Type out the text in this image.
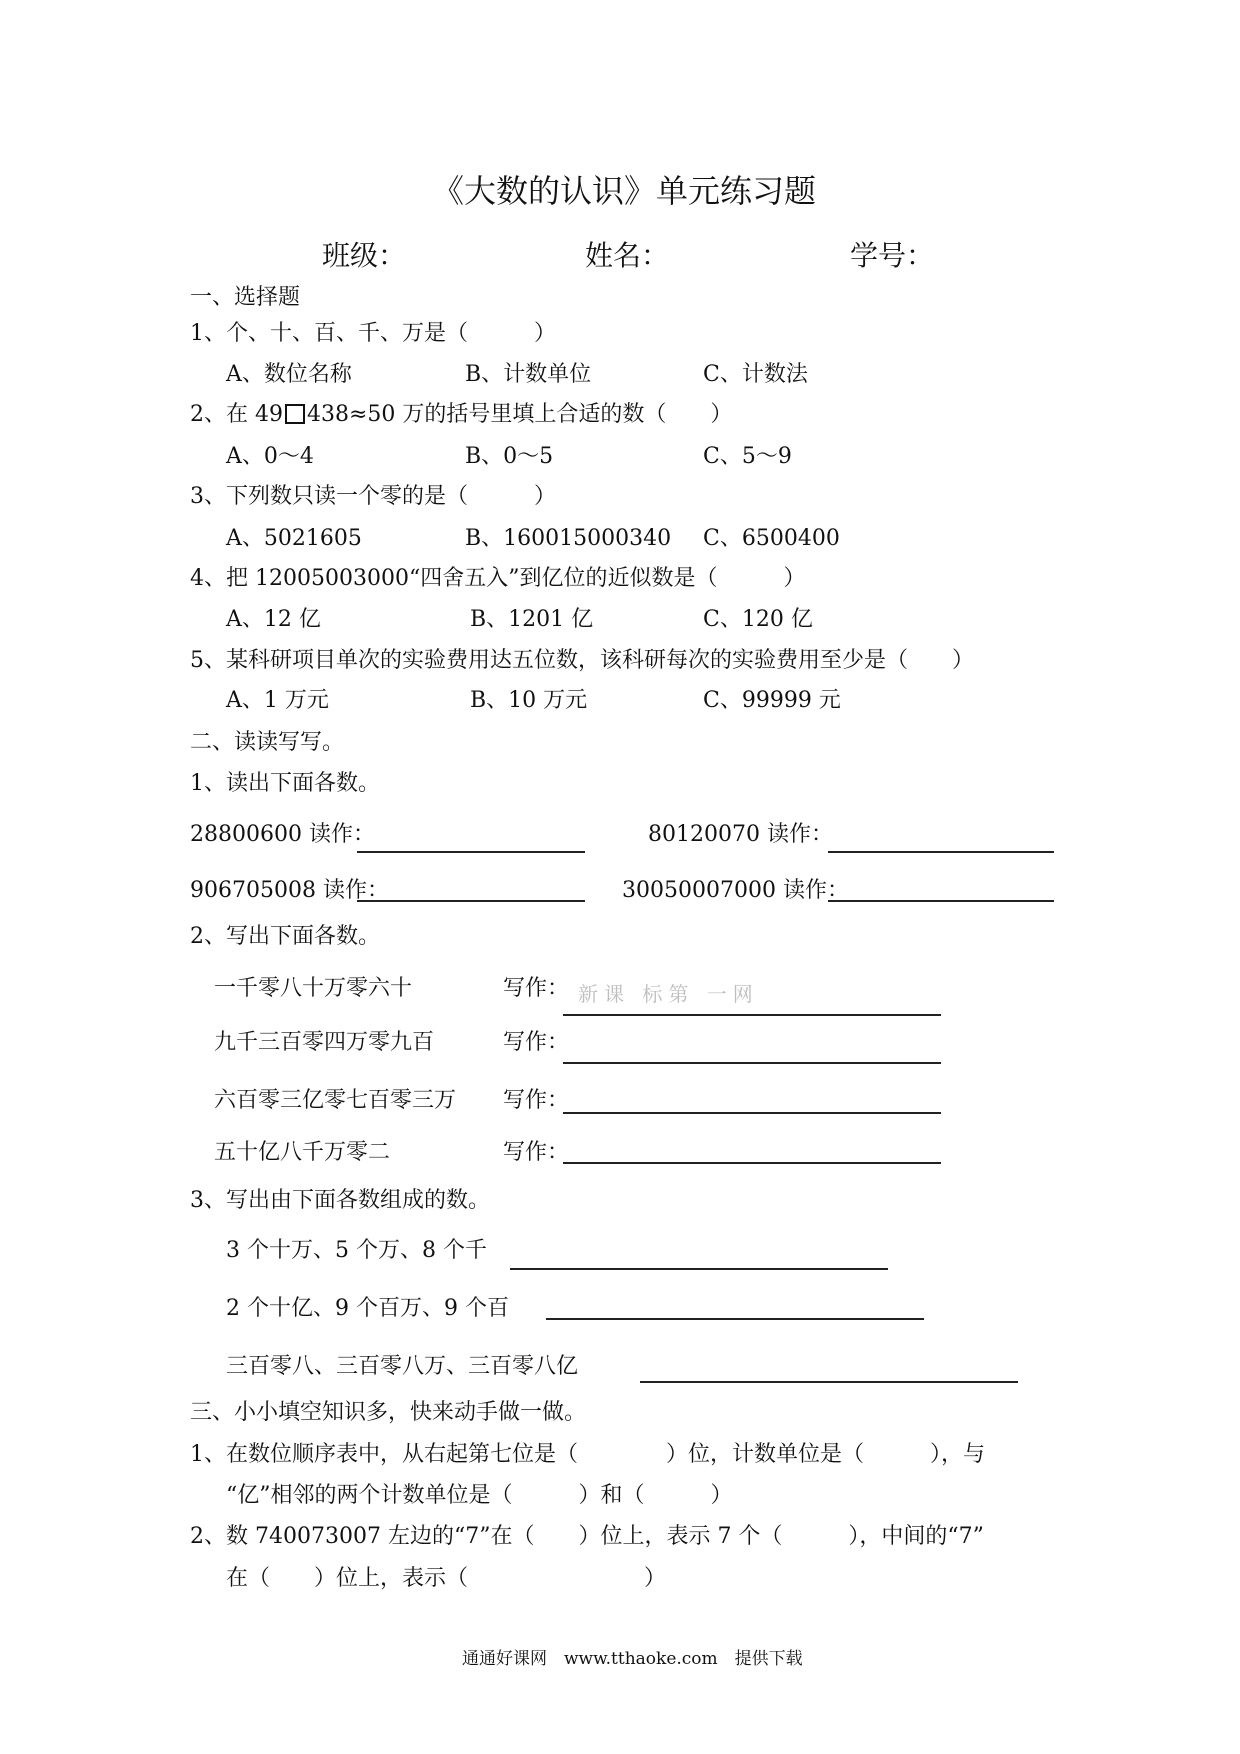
《大数的认识》单元练习题
班级：	姓名：	学号：
一、选择题
1、个、十、百、千、万是（　　　）
A、数位名称	B、计数单位	C、计数法
2、在 49 438≈50 万的括号里填上合适的数（　　）
A、0～4	B、0～5	C、5～9
3、下列数只读一个零的是（　　　）
A、5021605	B、160015000340 C、6500400
4、把 12005003000“四舍五入”到亿位的近似数是（　　　）
A、12 亿	B、1201 亿	C、120 亿
5、某科研项目单次的实验费用达五位数，该科研每次的实验费用至少是（　　）
A、1 万元	B、10 万元	C、99999 元
二、读读写写。
1、读出下面各数。
28800600 读作：	80120070 读作：
906705008 读作：	30050007000 读作：
2、写出下面各数。
一千零八十万零六十	写作： 新课 标第 一网
九千三百零四万零九百	写作：
六百零三亿零七百零三万 写作：
五十亿八千万零二	写作：
3、写出由下面各数组成的数。
3 个十万、5 个万、8 个千
2 个十亿、9 个百万、9 个百
三百零八、三百零八万、三百零八亿
三、小小填空知识多，快来动手做一做。
1、在数位顺序表中，从右起第七位是（　　　　）位，计数单位是（　　　），与
“亿”相邻的两个计数单位是（　　　）和（　　　）
2、数 740073007 左边的“7”在（　　）位上，表示 7 个（　　　），中间的“7”
在（　　）位上，表示（　　　　　　　　）
通通好课网　www.tthaoke.com　提供下载
